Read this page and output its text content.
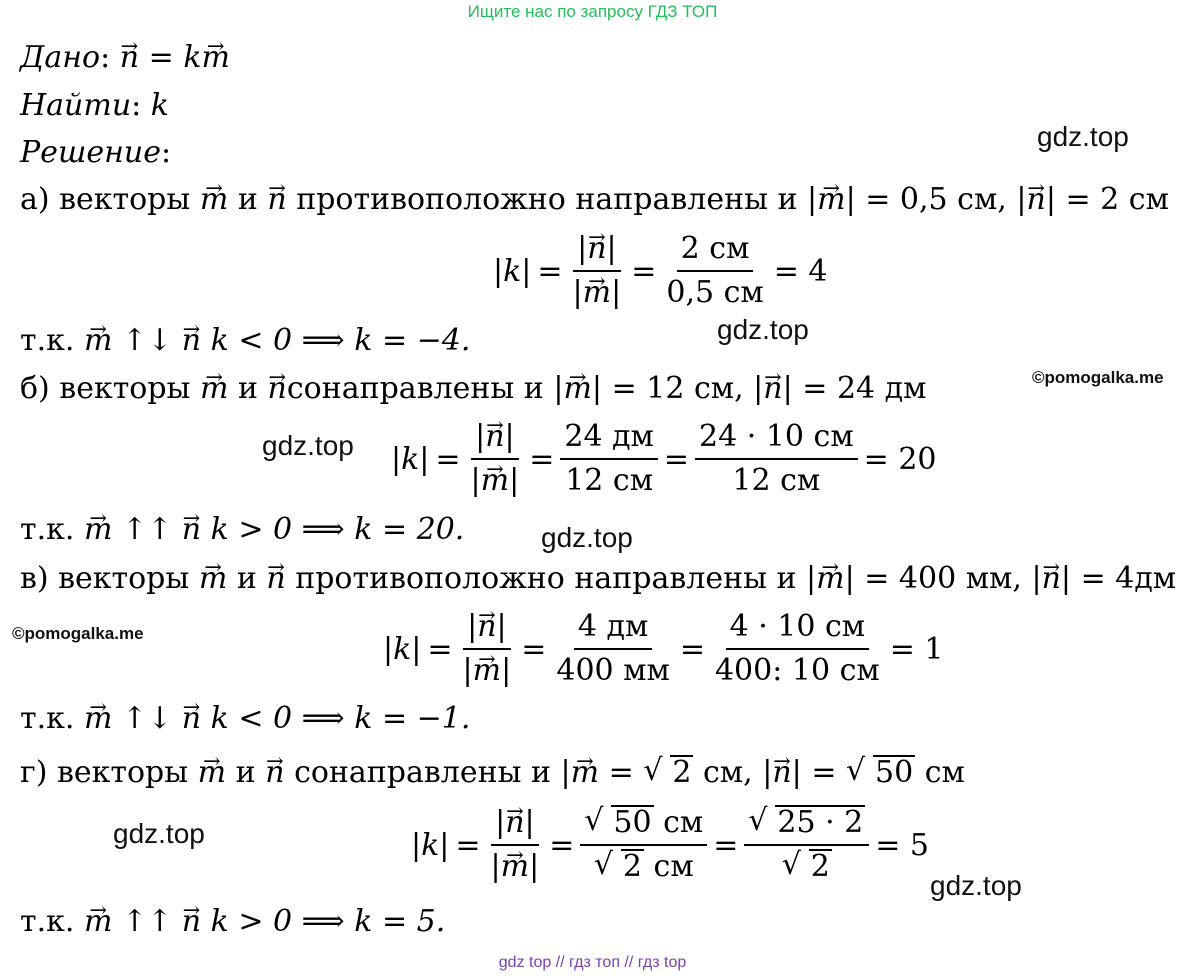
Ищите нас по запросу ГДЗ ТОП
Дано: → n = k→ m
Найти: k
Решение:	gdz.top
gdz.top
©pomogalka.me
gdz.top
gdz.top
©pomogalka.me
gdz.top
gdz.top
а) векторы → m и → n противоположно направлены и |→ m| = 0,5 см, |→ n| = 2 см
$|k| = \frac{|\to n|}{|\to m|} = \frac{2 см}{0,5 см} = 4$
т.к. → m ↑↓ → n k < 0 ⟹ k = −4.
б) векторы → m и → nсонаправлены и |→ m| = 12 см, |→ n| = 24 дм
$|k| = \frac{|\to n|}{|\to m|} = \frac{24 дм}{12 см} = \frac{24 \cdot 10 см}{12 см} = 20$
т.к. → m ↑↑ → n k > 0 ⟹ k = 20.
в) векторы → m и → n противоположно направлены и |→ m| = 400 мм, |→ n| = 4дм
$|k| = \frac{|\to n|}{|\to m|} = \frac{4 дм}{400 мм} = \frac{4 \cdot 10 см}{400: 10 см} = 1$
т.к. → m ↑↓ → n k < 0 ⟹ k = −1.
г) векторы → m и → n сонаправлены и |→ m = √ 2 см, |→ n| = √ 50 см
$|k| = \frac{|\to n|}{|\to m|}$ = √ 50 см
√ 2 см = √ 25 · 2
√ 2 = 5
т.к. → m ↑↑ → n k > 0 ⟹ k = 5.
gdz top // гдз топ // гдз top
